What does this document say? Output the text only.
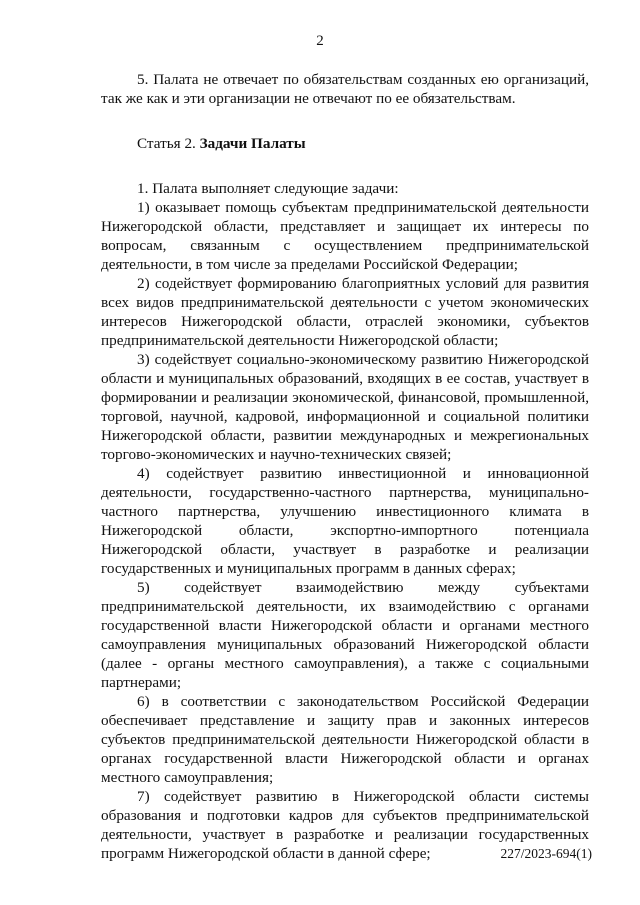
2

5. Палата не отвечает по обязательствам созданных ею организаций, так же как и эти организации не отвечают по ее обязательствам.

Статья 2. Задачи Палаты

1. Палата выполняет следующие задачи:

1) оказывает помощь субъектам предпринимательской деятельности Нижегородской области, представляет и защищает их интересы по вопросам, связанным с осуществлением предпринимательской деятельности, в том числе за пределами Российской Федерации;

2) содействует формированию благоприятных условий для развития всех видов предпринимательской деятельности с учетом экономических интересов Нижегородской области, отраслей экономики, субъектов предпринимательской деятельности Нижегородской области;

3) содействует социально-экономическому развитию Нижегородской области и муниципальных образований, входящих в ее состав, участвует в формировании и реализации экономической, финансовой, промышленной, торговой, научной, кадровой, информационной и социальной политики Нижегородской области, развитии международных и межрегиональных торгово-экономических и научно-технических связей;

4) содействует развитию инвестиционной и инновационной деятельности, государственно-частного партнерства, муниципально-частного партнерства, улучшению инвестиционного климата в Нижегородской области, экспортно-импортного потенциала Нижегородской области, участвует в разработке и реализации государственных и муниципальных программ в данных сферах;

5) содействует взаимодействию между субъектами предпринимательской деятельности, их взаимодействию с органами государственной власти Нижегородской области и органами местного самоуправления муниципальных образований Нижегородской области (далее - органы местного самоуправления), а также с социальными партнерами;

6) в соответствии с законодательством Российской Федерации обеспечивает представление и защиту прав и законных интересов субъектов предпринимательской деятельности Нижегородской области в органах государственной власти Нижегородской области и органах местного самоуправления;

7) содействует развитию в Нижегородской области системы образования и подготовки кадров для субъектов предпринимательской деятельности, участвует в разработке и реализации государственных программ Нижегородской области в данной сфере;	227/2023-694(1)
